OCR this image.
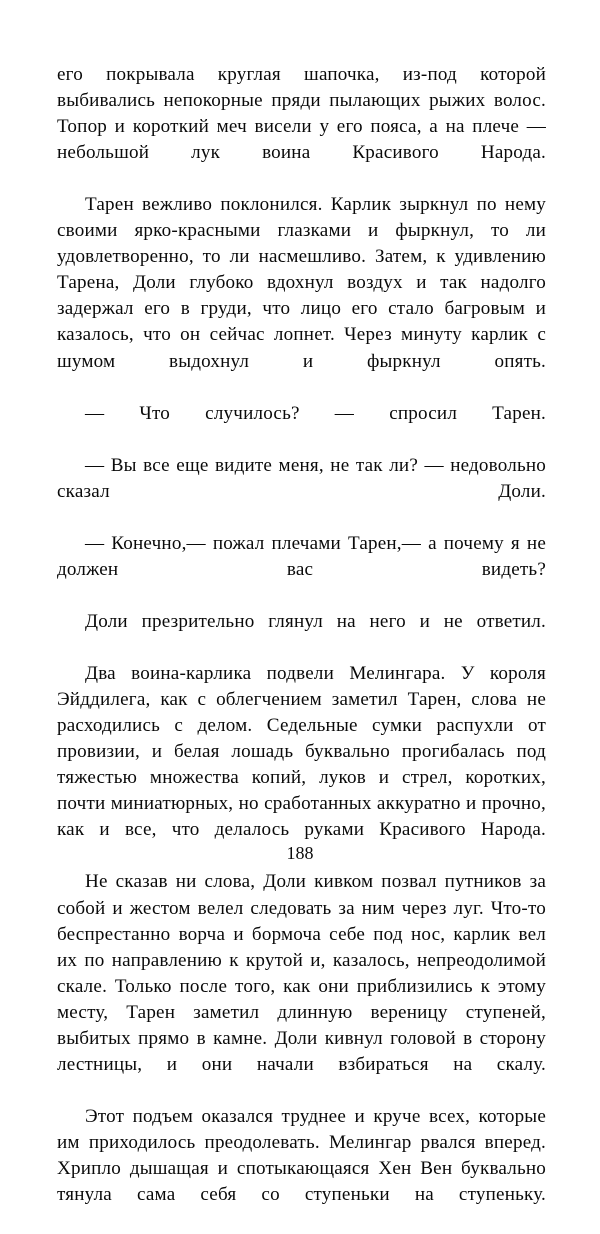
его покрывала круглая шапочка, из-под которой выбивались непокорные пряди пылающих рыжих волос. Топор и короткий меч висели у его пояса, а на плече — небольшой лук воина Красивого Народа.

Тарен вежливо поклонился. Карлик зыркнул по нему своими ярко-красными глазками и фыркнул, то ли удовлетворенно, то ли насмешливо. Затем, к удивлению Тарена, Доли глубоко вдохнул воздух и так надолго задержал его в груди, что лицо его стало багровым и казалось, что он сейчас лопнет. Через минуту карлик с шумом выдохнул и фыркнул опять.

— Что случилось? — спросил Тарен.

— Вы все еще видите меня, не так ли? — недовольно сказал Доли.

— Конечно,— пожал плечами Тарен,— а почему я не должен вас видеть?

Доли презрительно глянул на него и не ответил.

Два воина-карлика подвели Мелингара. У короля Эйддилега, как с облегчением заметил Тарен, слова не расходились с делом. Седельные сумки распухли от провизии, и белая лошадь буквально прогибалась под тяжестью множества копий, луков и стрел, коротких, почти миниатюрных, но сработанных аккуратно и прочно, как и все, что делалось руками Красивого Народа.

Не сказав ни слова, Доли кивком позвал путников за собой и жестом велел следовать за ним через луг. Что-то беспрестанно ворча и бормоча себе под нос, карлик вел их по направлению к крутой и, казалось, непреодолимой скале. Только после того, как они приблизились к этому месту, Тарен заметил длинную вереницу ступеней, выбитых прямо в камне. Доли кивнул головой в сторону лестницы, и они начали взбираться на скалу.

Этот подъем оказался труднее и круче всех, которые им приходилось преодолевать. Мелингар рвался вперед. Хрипло дышащая и спотыкающаяся Хен Вен буквально тянула сама себя со ступеньки на ступеньку.

188
